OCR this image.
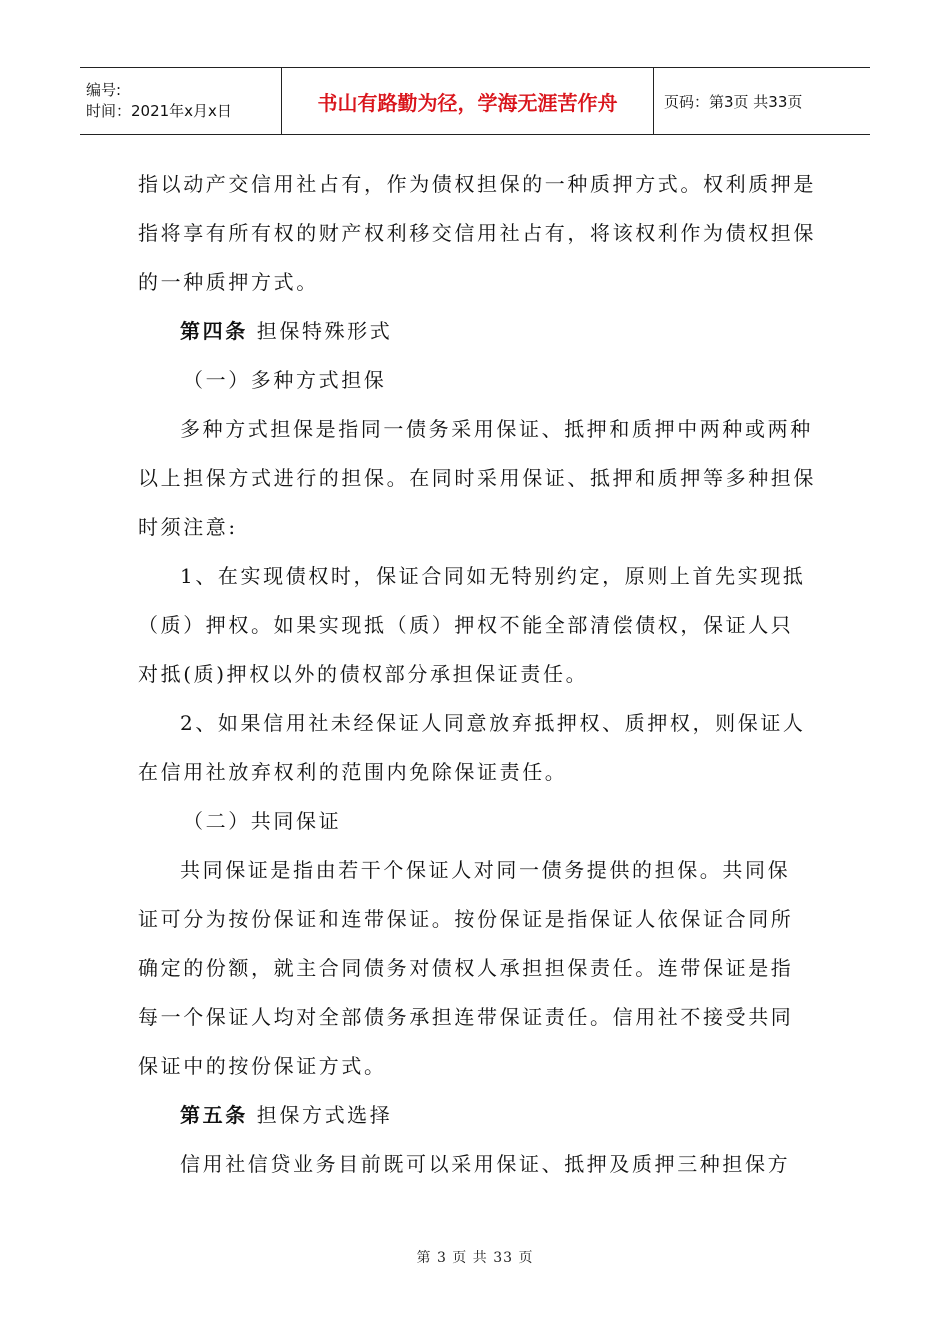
编号:
时间：2021年x月x日	书山有路勤为径，学海无涯苦作舟	页码：第3页 共33页

指以动产交信用社占有，作为债权担保的一种质押方式。权利质押是

指将享有所有权的财产权利移交信用社占有，将该权利作为债权担保

的一种质押方式。

第四条 担保特殊形式

（一）多种方式担保

多种方式担保是指同一债务采用保证、抵押和质押中两种或两种

以上担保方式进行的担保。在同时采用保证、抵押和质押等多种担保

时须注意:

1、在实现债权时，保证合同如无特别约定，原则上首先实现抵

（质）押权。如果实现抵（质）押权不能全部清偿债权，保证人只

对抵(质)押权以外的债权部分承担保证责任。

2、如果信用社未经保证人同意放弃抵押权、质押权，则保证人

在信用社放弃权利的范围内免除保证责任。

（二）共同保证

共同保证是指由若干个保证人对同一债务提供的担保。共同保

证可分为按份保证和连带保证。按份保证是指保证人依保证合同所

确定的份额，就主合同债务对债权人承担担保责任。连带保证是指

每一个保证人均对全部债务承担连带保证责任。信用社不接受共同

保证中的按份保证方式。

第五条 担保方式选择

信用社信贷业务目前既可以采用保证、抵押及质押三种担保方

第 3 页 共 33 页
